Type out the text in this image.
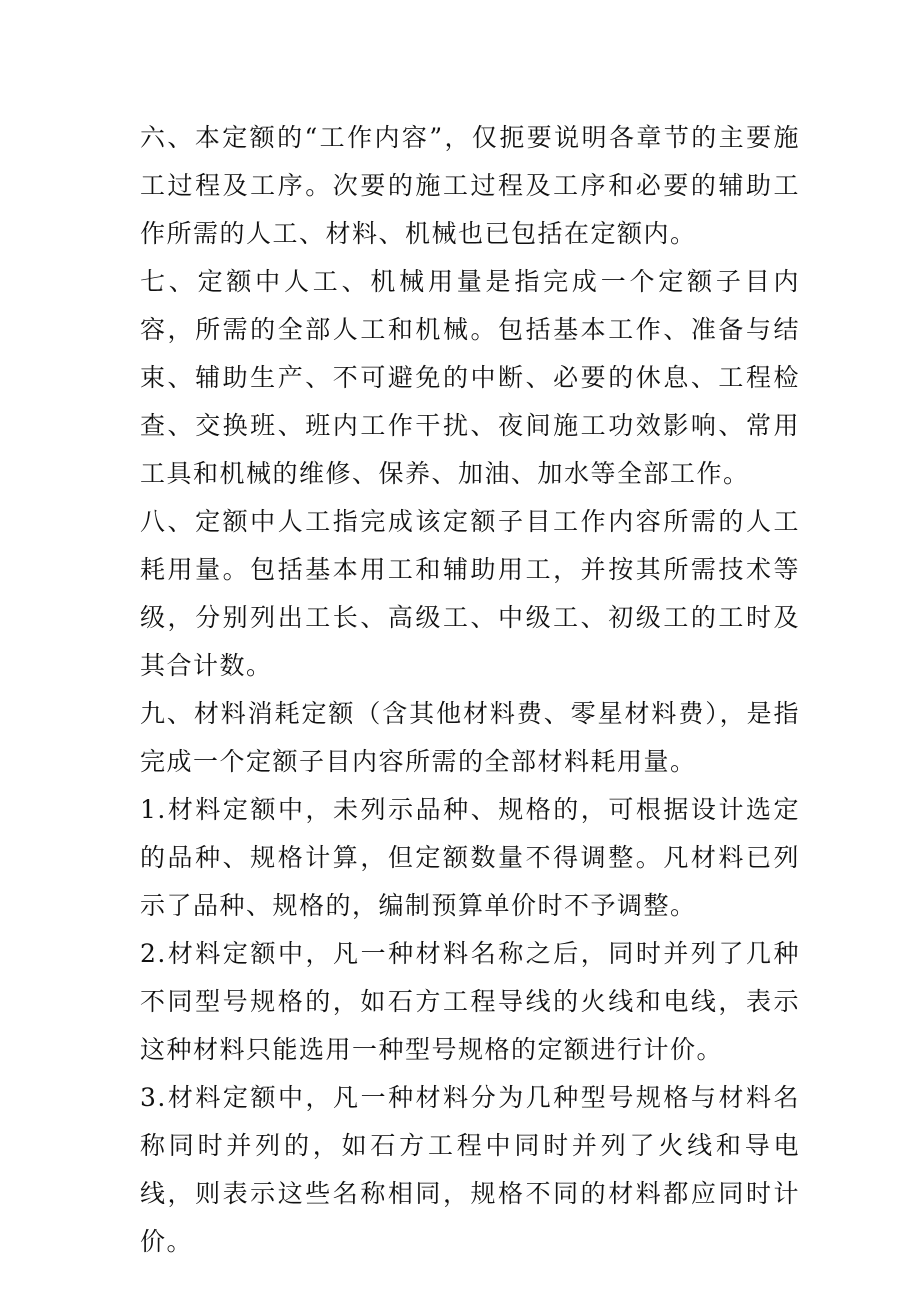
六、本定额的“工作内容”，仅扼要说明各章节的主要施工过程及工序。次要的施工过程及工序和必要的辅助工作所需的人工、材料、机械也已包括在定额内。

七、定额中人工、机械用量是指完成一个定额子目内容，所需的全部人工和机械。包括基本工作、准备与结束、辅助生产、不可避免的中断、必要的休息、工程检查、交换班、班内工作干扰、夜间施工功效影响、常用工具和机械的维修、保养、加油、加水等全部工作。

八、定额中人工指完成该定额子目工作内容所需的人工耗用量。包括基本用工和辅助用工，并按其所需技术等级，分别列出工长、高级工、中级工、初级工的工时及其合计数。

九、材料消耗定额（含其他材料费、零星材料费），是指完成一个定额子目内容所需的全部材料耗用量。

1.材料定额中，未列示品种、规格的，可根据设计选定的品种、规格计算，但定额数量不得调整。凡材料已列示了品种、规格的，编制预算单价时不予调整。

2.材料定额中，凡一种材料名称之后，同时并列了几种不同型号规格的，如石方工程导线的火线和电线，表示这种材料只能选用一种型号规格的定额进行计价。

3.材料定额中，凡一种材料分为几种型号规格与材料名称同时并列的，如石方工程中同时并列了火线和导电线，则表示这些名称相同，规格不同的材料都应同时计价。
